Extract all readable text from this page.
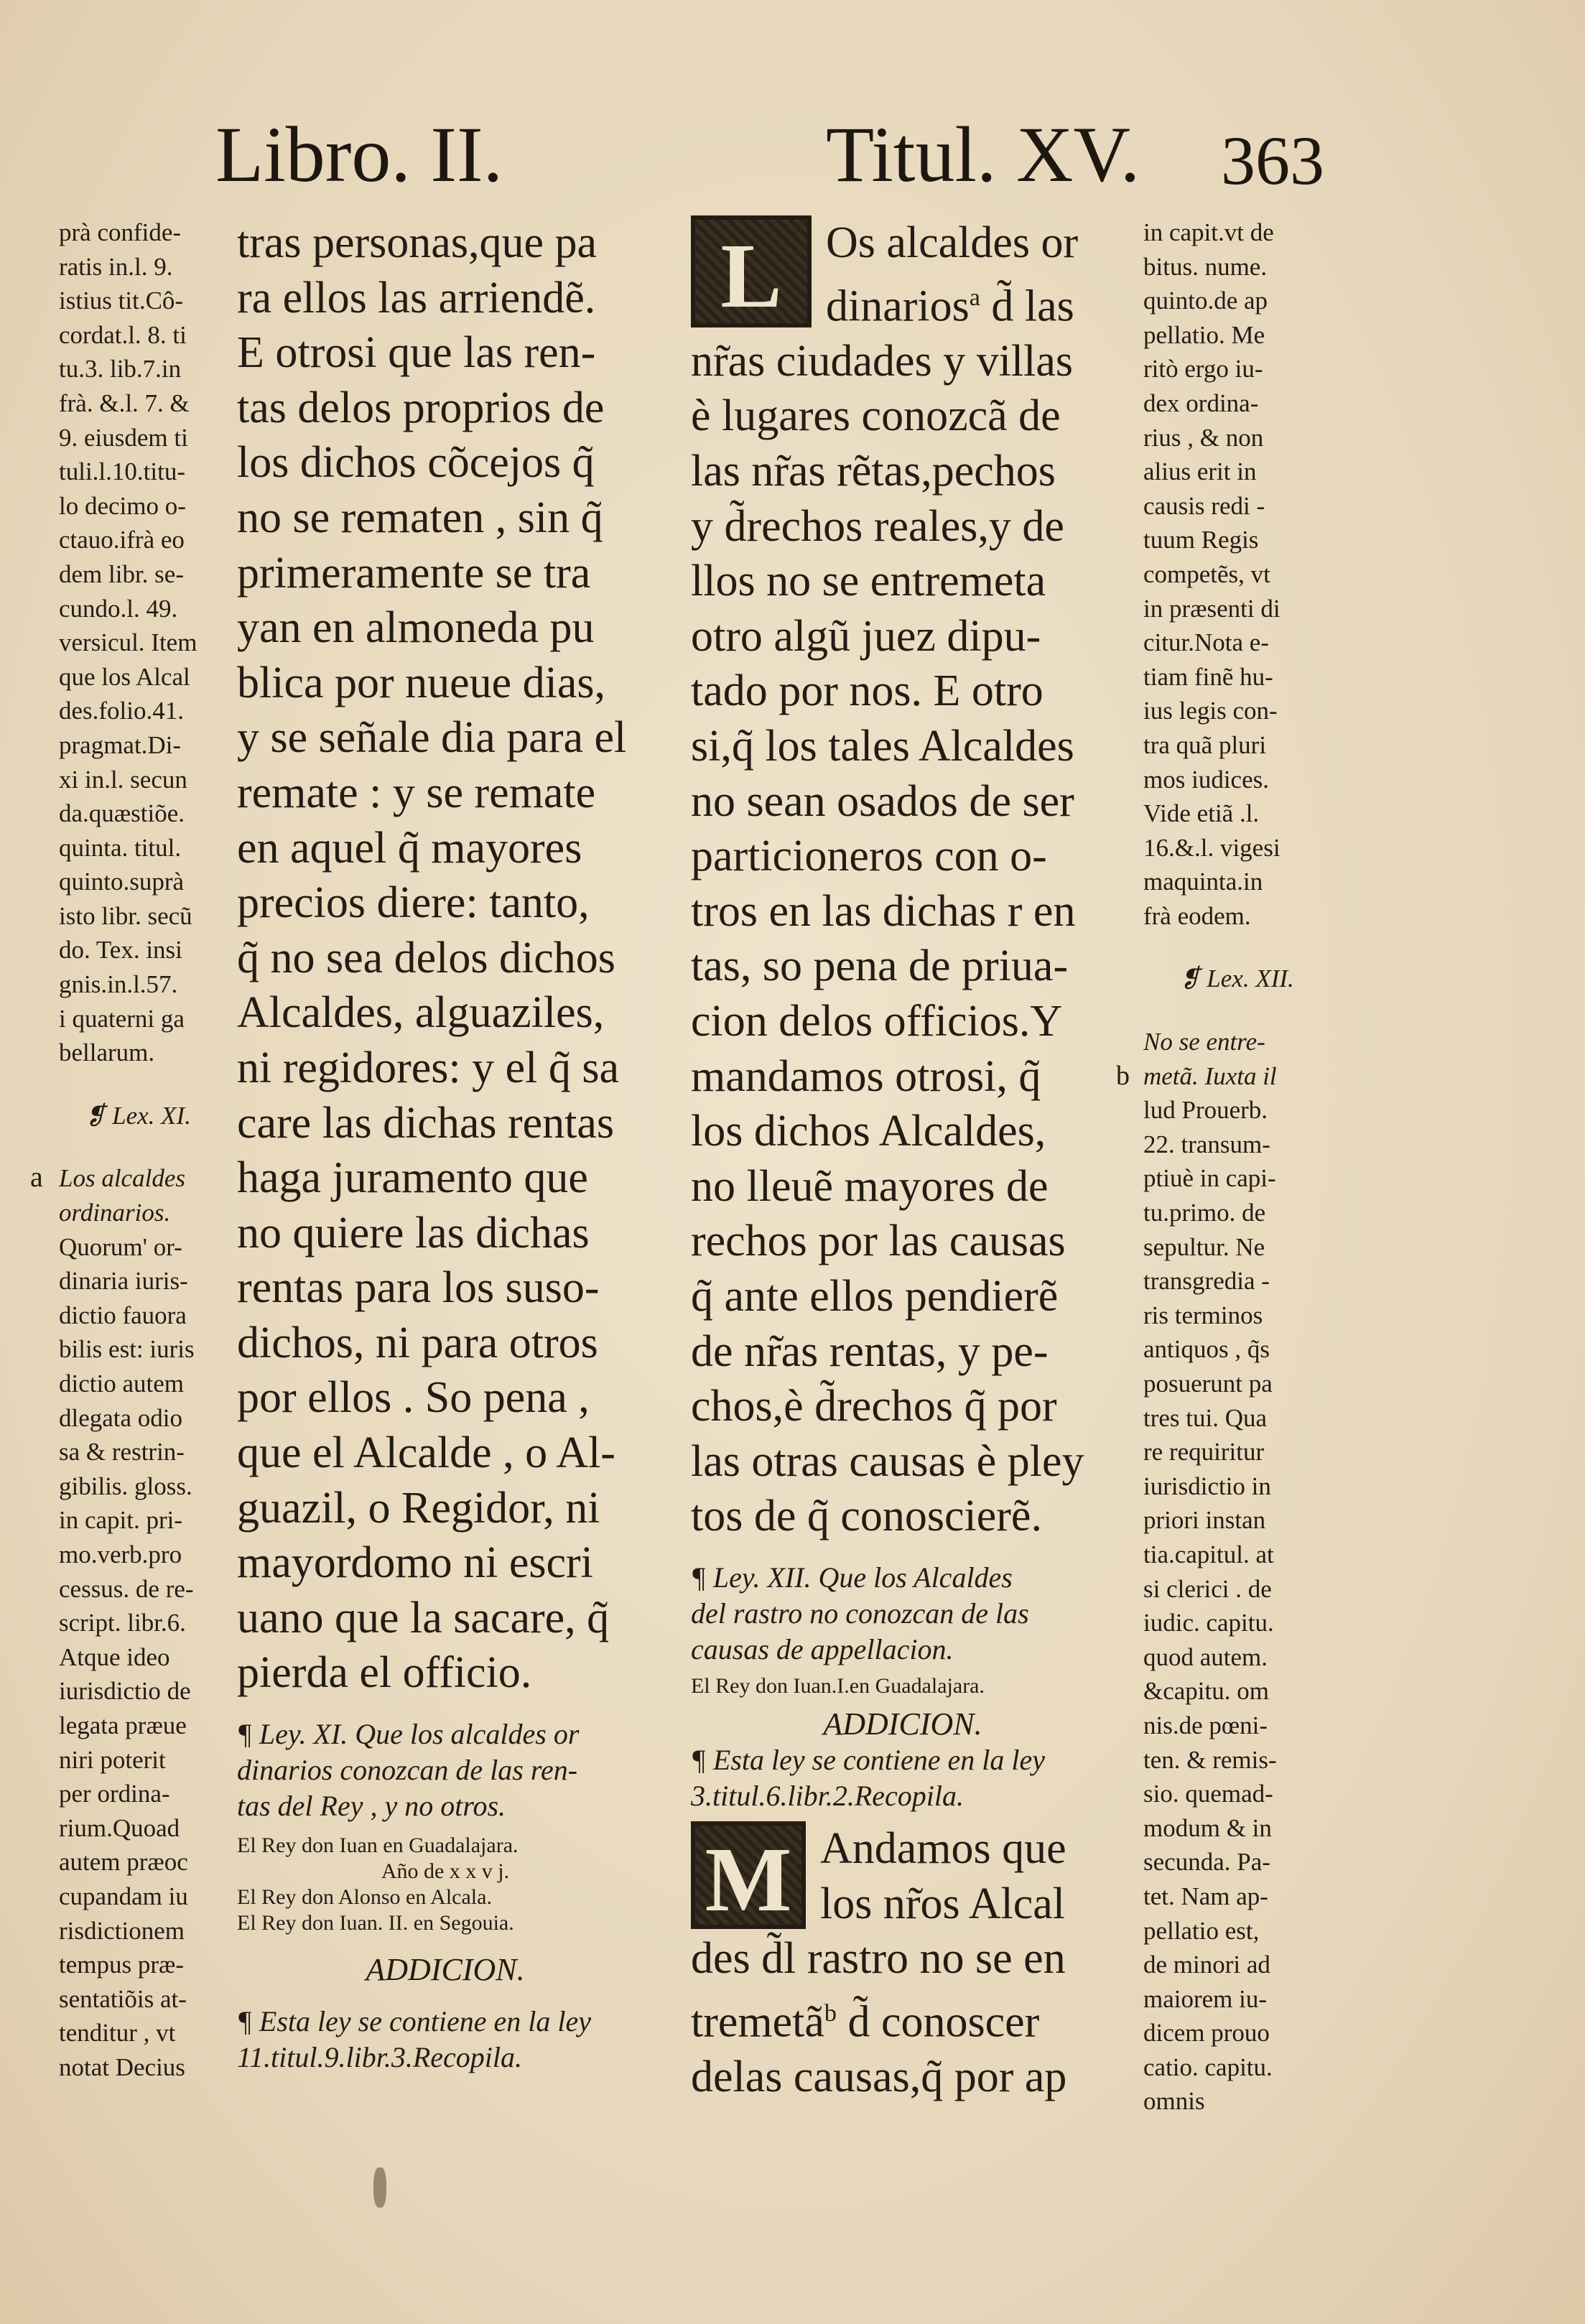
Libro. II.	Titul. XV. 363
prà confide-
ratis in.l. 9.
istius tit.Cô-
cordat.l. 8. ti
tu.3. lib.7.in
frà. &.l. 7. &
9. eiusdem ti
tuli.l.10.titu-
lo decimo o-
ctauo.ifrà eo
dem libr. se-
cundo.l. 49.
versicul. Item
que los Alcal
des.folio.41.
pragmat.Di-
xi in.l. secun
da.quæstiõe.
quinta. titul.
quinto.suprà
isto libr. secũ
do. Tex. insi
gnis.in.l.57.
i quaterni ga
bellarum.
❡ Lex. XI.
a Los alcaldes
ordinarios.
Quorum' or-
dinaria iuris-
dictio fauora
bilis est: iuris
dictio autem
dlegata odio
sa & restrin-
gibilis. gloss.
in capit. pri-
mo.verb.pro
cessus. de re-
script. libr.6.
Atque ideo
iurisdictio de
legata præue
niri poterit
per ordina-
rium.Quoad
autem præoc
cupandam iu
risdictionem
tempus præ-
sentatiõis at-
tenditur , vt
notat Decius
tras personas,que pa
ra ellos las arriendẽ.
E otrosi que las ren-
tas delos proprios de
los dichos cõcejos q̃
no se rematen , sin q̃
primeramente se tra
yan en almoneda pu
blica por nueue dias,
y se señale dia para el
remate : y se remate
en aquel q̃ mayores
precios diere: tanto,
q̃ no sea delos dichos
Alcaldes, alguaziles,
ni regidores: y el q̃ sa
care las dichas rentas
haga juramento que
no quiere las dichas
rentas para los suso-
dichos, ni para otros
por ellos . So pena ,
que el Alcalde , o Al-
guazil, o Regidor, ni
mayordomo ni escri
uano que la sacare, q̃
pierda el officio.
¶ Ley. XI. Que los alcaldes or
dinarios conozcan de las ren-
tas del Rey , y no otros.
El Rey don Iuan en Guadalajara.
Año de x x v j.
El Rey don Alonso en Alcala.
El Rey don Iuan. II. en Segouia.
ADDICION.
¶ Esta ley se contiene en la ley
11.titul.9.libr.3.Recopila.
L Os alcaldes or
dinarios$^a$ d̃ las
nr̃as ciudades y villas
è lugares conozcã de
las nr̃as rẽtas,pechos
y d̃rechos reales,y de
llos no se entremeta
otro algũ juez dipu-
tado por nos. E otro
si,q̃ los tales Alcaldes
no sean osados de ser
particioneros con o-
tros en las dichas r en
tas, so pena de priua-
cion delos officios.Y
mandamos otrosi, q̃
los dichos Alcaldes,
no lleuẽ mayores de
rechos por las causas
q̃ ante ellos pendierẽ
de nr̃as rentas, y pe-
chos,è d̃rechos q̃ por
las otras causas è pley
tos de q̃ conoscierẽ.
¶ Ley. XII. Que los Alcaldes
del rastro no conozcan de las
causas de appellacion.
El Rey don Iuan.I.en Guadalajara.
ADDICION.
¶ Esta ley se contiene en la ley
3.titul.6.libr.2.Recopila.
M Andamos que
los nr̃os Alcal
des d̃l rastro no se en
tremetã$^b$ d̃ conoscer
delas causas,q̃ por ap
b
in capit.vt de
bitus. nume.
quinto.de ap
pellatio. Me
ritò ergo iu-
dex ordina-
rius , & non
alius erit in
causis redi -
tuum Regis
competẽs, vt
in præsenti di
citur.Nota e-
tiam finẽ hu-
ius legis con-
tra quã pluri
mos iudices.
Vide etiã .l.
16.&.l. vigesi
maquinta.in
frà eodem.
❡ Lex. XII.
No se entre-
metã. Iuxta il
lud Prouerb.
22. transum-
ptiuè in capi-
tu.primo. de
sepultur. Ne
transgredia -
ris terminos
antiquos , q̃s
posuerunt pa
tres tui. Qua
re requiritur
iurisdictio in
priori instan
tia.capitul. at
si clerici . de
iudic. capitu.
quod autem.
&capitu. om
nis.de pœni-
ten. & remis-
sio. quemad-
modum & in
secunda. Pa-
tet. Nam ap-
pellatio est,
de minori ad
maiorem iu-
dicem prouo
catio. capitu.
omnis
